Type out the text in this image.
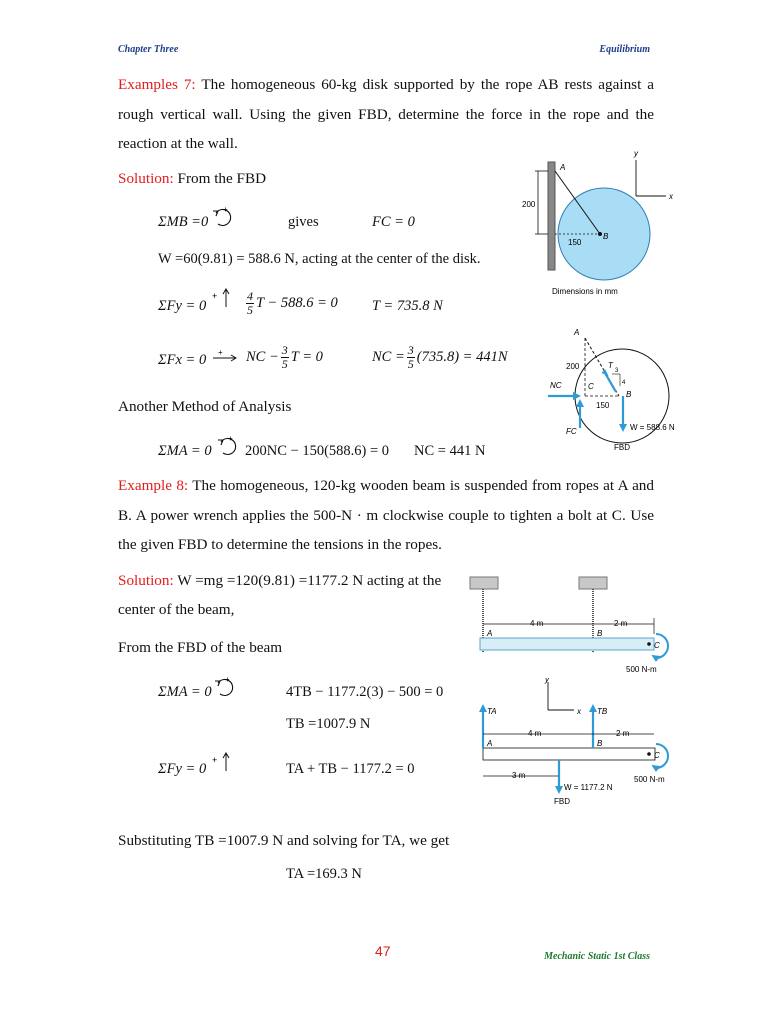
Chapter Three	Equilibrium
Examples 7: The homogeneous 60-kg disk supported by the rope AB rests against a rough vertical wall. Using the given FBD, determine the force in the rope and the reaction at the wall.
Solution: From the FBD
ΣMB =0
+
gives	FC = 0
W =60(9.81) = 588.6 N, acting at the center of the disk.
ΣFy = 0
+ $\frac{4}{5}$ T − 588.6 = 0 T = 735.8 N
ΣFx = 0 + NC − $\frac{3}{5}$ T = 0	NC = $\frac{3}{5} (735.8) = 441N$
Another Method of Analysis
ΣMA = 0
+
200NC − 150(588.6) = 0 NC = 441 N
200
A
B
150
y
x
Dimensions in mm
A
200
C
B
T
4
3
150
NC
FC	W = 588.6 N
FBD
Example 8: The homogeneous, 120-kg wooden beam is suspended from ropes at A and B. A power wrench applies the 500-N · m clockwise couple to tighten a bolt at C. Use the given FBD to determine the tensions in the ropes.
Solution: W =mg =120(9.81) =1177.2 N acting at the
center of the beam,
From the FBD of the beam
ΣMA = 0
+
4TB − 1177.2(3) − 500 = 0
TB =1007.9 N
ΣFy = 0
+
TA + TB − 1177.2 = 0
Substituting TB =1007.9 N and solving for TA, we get
TA =169.3 N
4 m	2 m
A	B
C
500 N-m
y
x
TA	TB
4 m	2 m
A	B
C
500 N-m
3 m
W = 1177.2 N
FBD
47	Mechanic Static 1st Class
